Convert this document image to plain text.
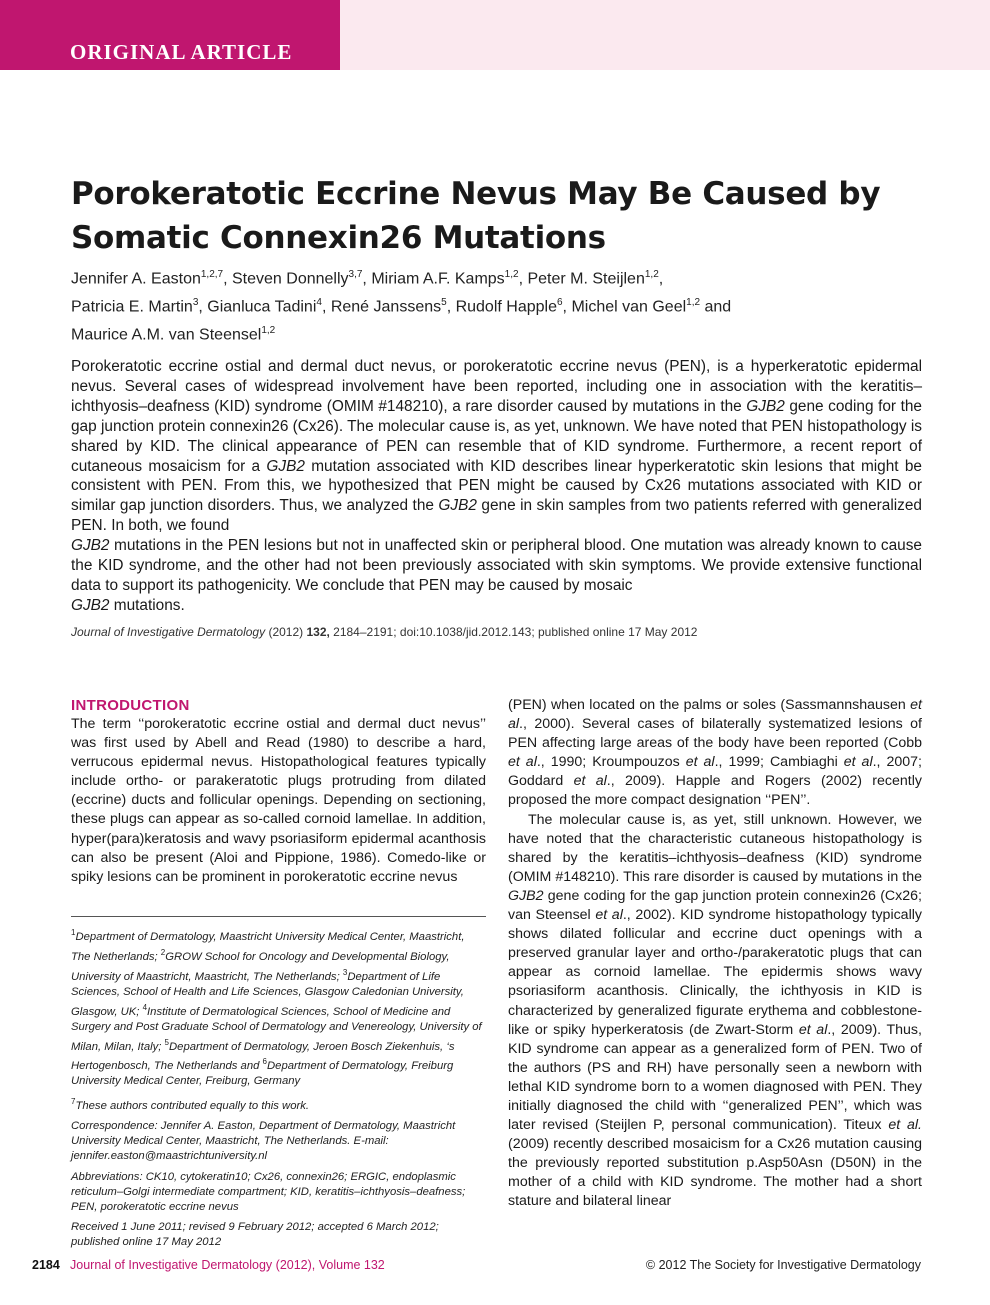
ORIGINAL ARTICLE
Porokeratotic Eccrine Nevus May Be Caused by Somatic Connexin26 Mutations
Jennifer A. Easton$^{1,2,7}$, Steven Donnelly$^{3,7}$, Miriam A.F. Kamps$^{1,2}$, Peter M. Steijlen$^{1,2}$,
Patricia E. Martin$^3$, Gianluca Tadini$^4$, René Janssens$^5$, Rudolf Happle$^6$, Michel van Geel$^{1,2}$ and
Maurice A.M. van Steensel$^{1,2}$
Porokeratotic eccrine ostial and dermal duct nevus, or porokeratotic eccrine nevus (PEN), is a hyperkeratotic epidermal nevus. Several cases of widespread involvement have been reported, including one in association with the keratitis–ichthyosis–deafness (KID) syndrome (OMIM #148210), a rare disorder caused by mutations in the GJB2 gene coding for the gap junction protein connexin26 (Cx26). The molecular cause is, as yet, unknown. We have noted that PEN histopathology is shared by KID. The clinical appearance of PEN can resemble that of KID syndrome. Furthermore, a recent report of cutaneous mosaicism for a GJB2 mutation associated with KID describes linear hyperkeratotic skin lesions that might be consistent with PEN. From this, we hypothesized that PEN might be caused by Cx26 mutations associated with KID or similar gap junction disorders. Thus, we analyzed the GJB2 gene in skin samples from two patients referred with generalized PEN. In both, we found
GJB2 mutations in the PEN lesions but not in unaffected skin or peripheral blood. One mutation was already known to cause the KID syndrome, and the other had not been previously associated with skin symptoms. We provide extensive functional data to support its pathogenicity. We conclude that PEN may be caused by mosaic
GJB2 mutations.
Journal of Investigative Dermatology (2012) 132, 2184–2191; doi:10.1038/jid.2012.143; published online 17 May 2012
INTRODUCTION
The term ‘‘porokeratotic eccrine ostial and dermal duct nevus’’ was first used by Abell and Read (1980) to describe a hard, verrucous epidermal nevus. Histopathological features typically include ortho- or parakeratotic plugs protruding from dilated (eccrine) ducts and follicular openings. Depending on sectioning, these plugs can appear as so-called cornoid lamellae. In addition, hyper(para)keratosis and wavy psoriasiform epidermal acanthosis can also be present (Aloi and Pippione, 1986). Comedo-like or spiky lesions can be prominent in porokeratotic eccrine nevus
$^1$Department of Dermatology, Maastricht University Medical Center, Maastricht, The Netherlands; $^2$GROW School for Oncology and Developmental Biology, University of Maastricht, Maastricht, The Netherlands; $^3$Department of Life Sciences, School of Health and Life Sciences, Glasgow Caledonian University, Glasgow, UK; $^4$Institute of Dermatological Sciences, School of Medicine and Surgery and Post Graduate School of Dermatology and Venereology, University of Milan, Milan, Italy; $^5$Department of Dermatology, Jeroen Bosch Ziekenhuis, ‘s Hertogenbosch, The Netherlands and $^6$Department of Dermatology, Freiburg University Medical Center, Freiburg, Germany
$^7$These authors contributed equally to this work.
Correspondence: Jennifer A. Easton, Department of Dermatology, Maastricht University Medical Center, Maastricht, The Netherlands. E-mail: jennifer.easton@maastrichtuniversity.nl
Abbreviations: CK10, cytokeratin10; Cx26, connexin26; ERGIC, endoplasmic reticulum–Golgi intermediate compartment; KID, keratitis–ichthyosis–deafness; PEN, porokeratotic eccrine nevus
Received 1 June 2011; revised 9 February 2012; accepted 6 March 2012; published online 17 May 2012
(PEN) when located on the palms or soles (Sassmannshausen et al., 2000). Several cases of bilaterally systematized lesions of PEN affecting large areas of the body have been reported (Cobb et al., 1990; Kroumpouzos et al., 1999; Cambiaghi et al., 2007; Goddard et al., 2009). Happle and Rogers (2002) recently proposed the more compact designation ‘‘PEN’’.
The molecular cause is, as yet, still unknown. However, we have noted that the characteristic cutaneous histopathology is shared by the keratitis–ichthyosis–deafness (KID) syndrome (OMIM #148210). This rare disorder is caused by mutations in the GJB2 gene coding for the gap junction protein connexin26 (Cx26; van Steensel et al., 2002). KID syndrome histopathology typically shows dilated follicular and eccrine duct openings with a preserved granular layer and ortho-/parakeratotic plugs that can appear as cornoid lamellae. The epidermis shows wavy psoriasiform acanthosis. Clinically, the ichthyosis in KID is characterized by generalized figurate erythema and cobblestone-like or spiky hyperkeratosis (de Zwart-Storm et al., 2009). Thus, KID syndrome can appear as a generalized form of PEN. Two of the authors (PS and RH) have personally seen a newborn with lethal KID syndrome born to a women diagnosed with PEN. They initially diagnosed the child with ‘‘generalized PEN’’, which was later revised (Steijlen P, personal communication). Titeux et al. (2009) recently described mosaicism for a Cx26 mutation causing the previously reported substitution p.Asp50Asn (D50N) in the mother of a child with KID syndrome. The mother had a short stature and bilateral linear
2184 Journal of Investigative Dermatology (2012), Volume 132	© 2012 The Society for Investigative Dermatology
